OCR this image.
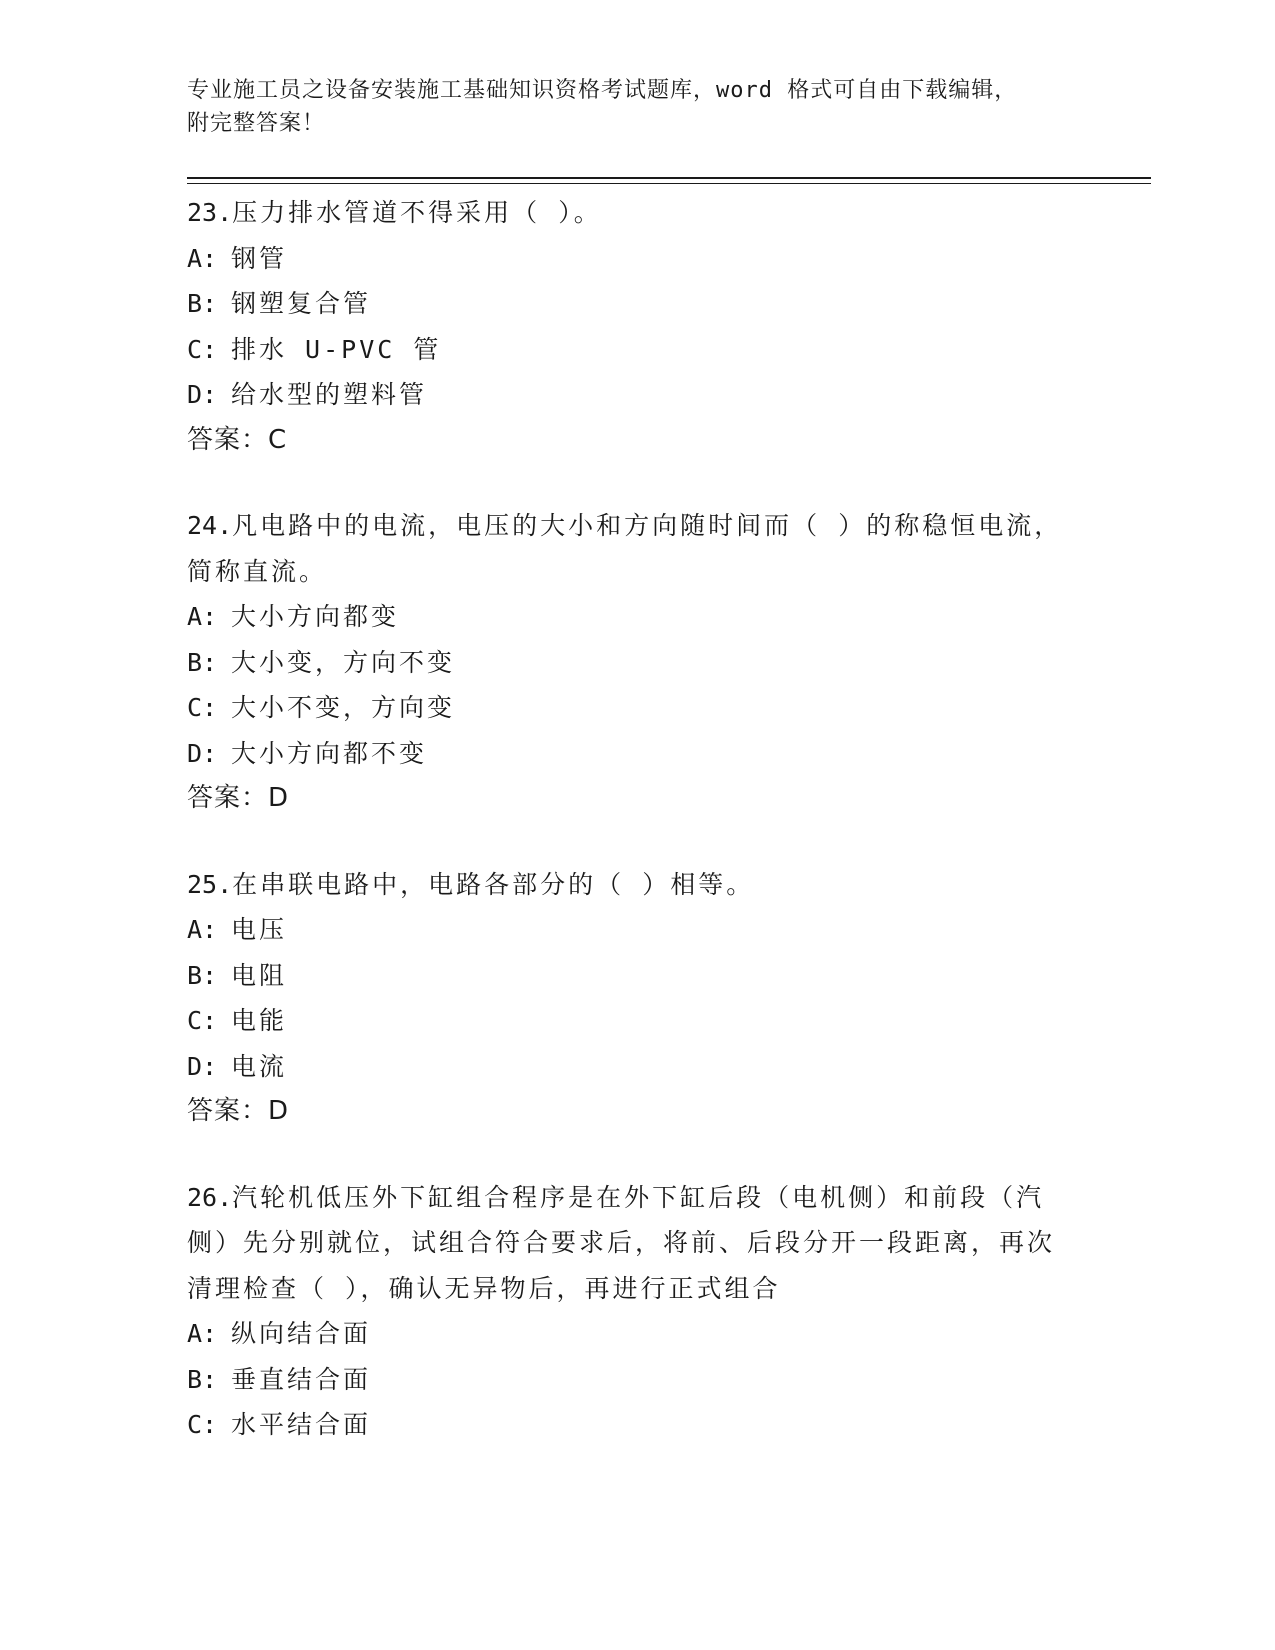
专业施工员之设备安装施工基础知识资格考试题库，word 格式可自由下载编辑，
附完整答案！
23.压力排水管道不得采用（ ）。
A: 钢管
B: 钢塑复合管
C: 排水 U-PVC 管
D: 给水型的塑料管
答案：C
24.凡电路中的电流，电压的大小和方向随时间而（ ）的称稳恒电流，简称直流。
A: 大小方向都变
B: 大小变，方向不变
C: 大小不变，方向变
D: 大小方向都不变
答案：D
25.在串联电路中，电路各部分的（ ）相等。
A: 电压
B: 电阻
C: 电能
D: 电流
答案：D
26.汽轮机低压外下缸组合程序是在外下缸后段（电机侧）和前段（汽侧）先分别就位，试组合符合要求后，将前、后段分开一段距离，再次清理检查（ ），确认无异物后，再进行正式组合
A: 纵向结合面
B: 垂直结合面
C: 水平结合面
